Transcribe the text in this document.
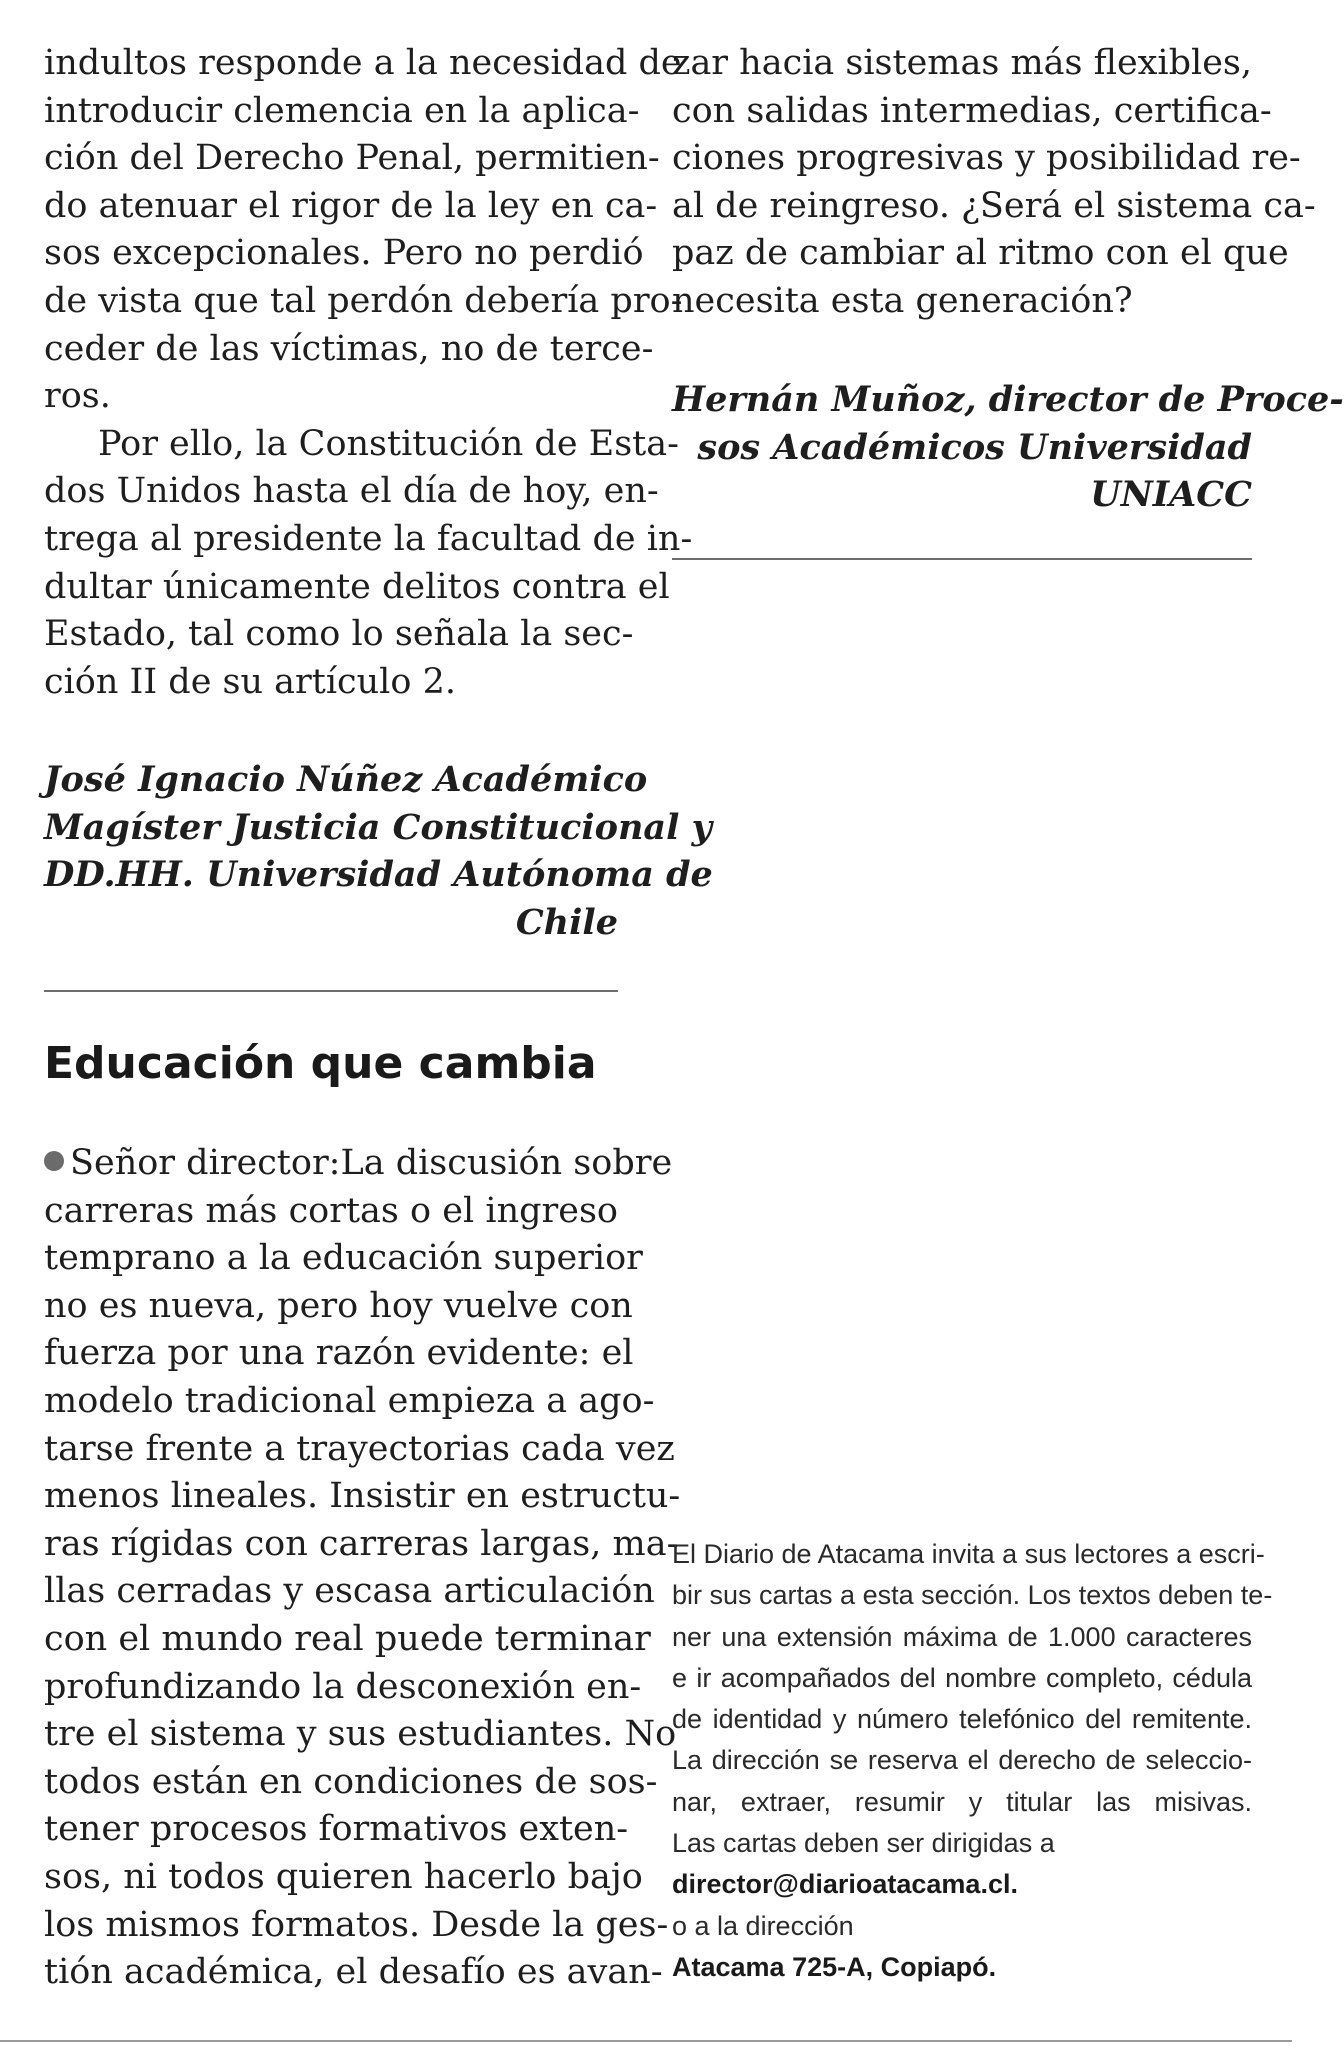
indultos responde a la necesidad de
introducir clemencia en la aplica-
ción del Derecho Penal, permitien-
do atenuar el rigor de la ley en ca-
sos excepcionales. Pero no perdió
de vista que tal perdón debería pro-
ceder de las víctimas, no de terce-
ros.
Por ello, la Constitución de Esta-
dos Unidos hasta el día de hoy, en-
trega al presidente la facultad de in-
dultar únicamente delitos contra el
Estado, tal como lo señala la sec-
ción II de su artículo 2.
José Ignacio Núñez Académico
Magíster Justicia Constitucional y
DD.HH. Universidad Autónoma de
Chile
Educación que cambia
Señor director:La discusión sobre
carreras más cortas o el ingreso
temprano a la educación superior
no es nueva, pero hoy vuelve con
fuerza por una razón evidente: el
modelo tradicional empieza a ago-
tarse frente a trayectorias cada vez
menos lineales. Insistir en estructu-
ras rígidas con carreras largas, ma-
llas cerradas y escasa articulación
con el mundo real puede terminar
profundizando la desconexión en-
tre el sistema y sus estudiantes. No
todos están en condiciones de sos-
tener procesos formativos exten-
sos, ni todos quieren hacerlo bajo
los mismos formatos. Desde la ges-
tión académica, el desafío es avan-
zar hacia sistemas más flexibles,
con salidas intermedias, certifica-
ciones progresivas y posibilidad re-
al de reingreso. ¿Será el sistema ca-
paz de cambiar al ritmo con el que
necesita esta generación?
Hernán Muñoz, director de Proce-
sos Académicos Universidad
UNIACC
El Diario de Atacama invita a sus lectores a escri-
bir sus cartas a esta sección. Los textos deben te-
ner una extensión máxima de 1.000 caracteres
e ir acompañados del nombre completo, cédula
de identidad y número telefónico del remitente.
La dirección se reserva el derecho de seleccio-
nar, extraer, resumir y titular las misivas.
Las cartas deben ser dirigidas a
director@diarioatacama.cl.
o a la dirección
Atacama 725-A, Copiapó.
